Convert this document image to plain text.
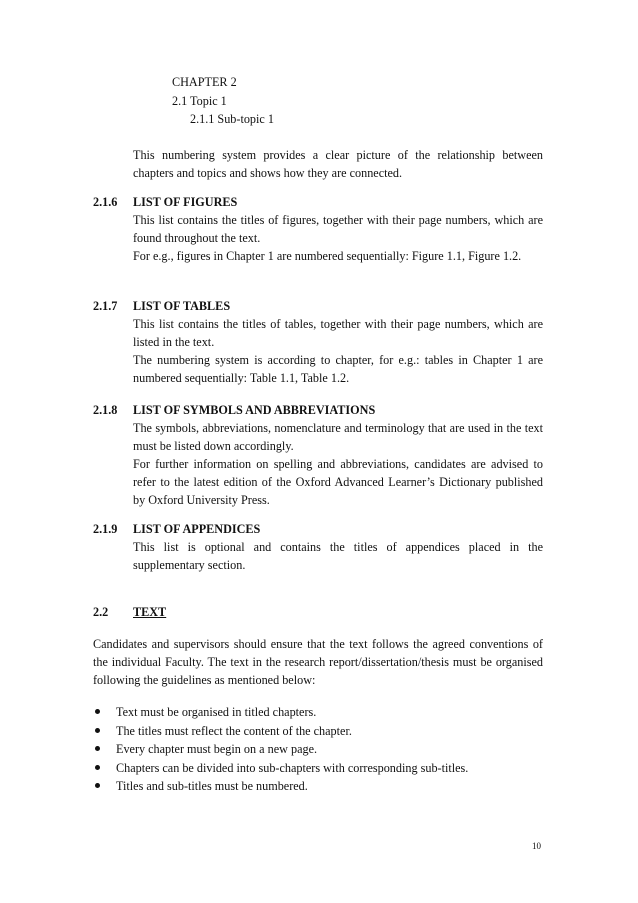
CHAPTER 2
2.1 Topic 1
2.1.1 Sub-topic 1

This numbering system provides a clear picture of the relationship between chapters and topics and shows how they are connected.

2.1.6 LIST OF FIGURES

This list contains the titles of figures, together with their page numbers, which are found throughout the text.

For e.g., figures in Chapter 1 are numbered sequentially: Figure 1.1, Figure 1.2.

2.1.7 LIST OF TABLES

This list contains the titles of tables, together with their page numbers, which are listed in the text.

The numbering system is according to chapter, for e.g.: tables in Chapter 1 are numbered sequentially: Table 1.1, Table 1.2.

2.1.8 LIST OF SYMBOLS AND ABBREVIATIONS

The symbols, abbreviations, nomenclature and terminology that are used in the text must be listed down accordingly.

For further information on spelling and abbreviations, candidates are advised to refer to the latest edition of the Oxford Advanced Learner’s Dictionary published by Oxford University Press.

2.1.9 LIST OF APPENDICES

This list is optional and contains the titles of appendices placed in the supplementary section.

2.2 TEXT
Candidates and supervisors should ensure that the text follows the agreed conventions of the individual Faculty. The text in the research report/dissertation/thesis must be organised following the guidelines as mentioned below:
Text must be organised in titled chapters.
The titles must reflect the content of the chapter.
Every chapter must begin on a new page.
Chapters can be divided into sub-chapters with corresponding sub-titles.
Titles and sub-titles must be numbered.
10
